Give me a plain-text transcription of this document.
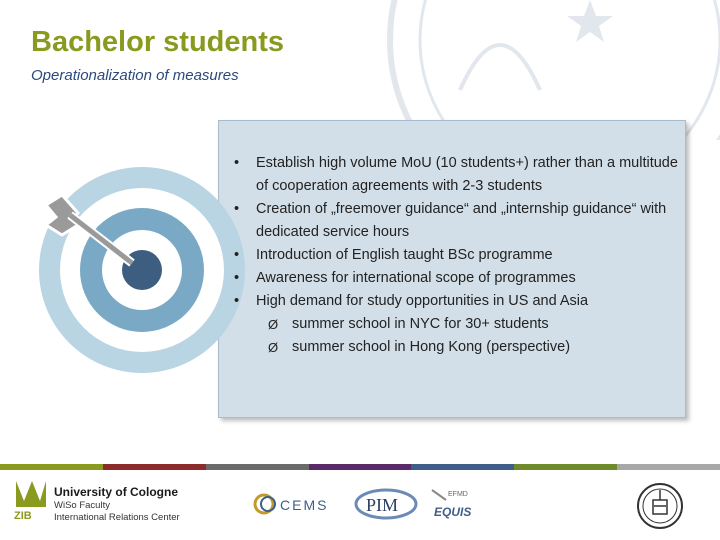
Bachelor students
Operationalization of measures
• Establish high volume MoU (10 students+) rather than a multitude of cooperation agreements with 2-3 students
• Creation of „freemover guidance“ and „internship guidance“ with dedicated service hours
• Introduction of English taught BSc programme
• Awareness for international scope of programmes
• High demand for study opportunities in US and Asia
Ø summer school in NYC for 30+ students
Ø summer school in Hong Kong (perspective)
ZIB
University of Cologne
WiSo Faculty
International Relations Center
CEMS PIM
EFMD
EQUIS
